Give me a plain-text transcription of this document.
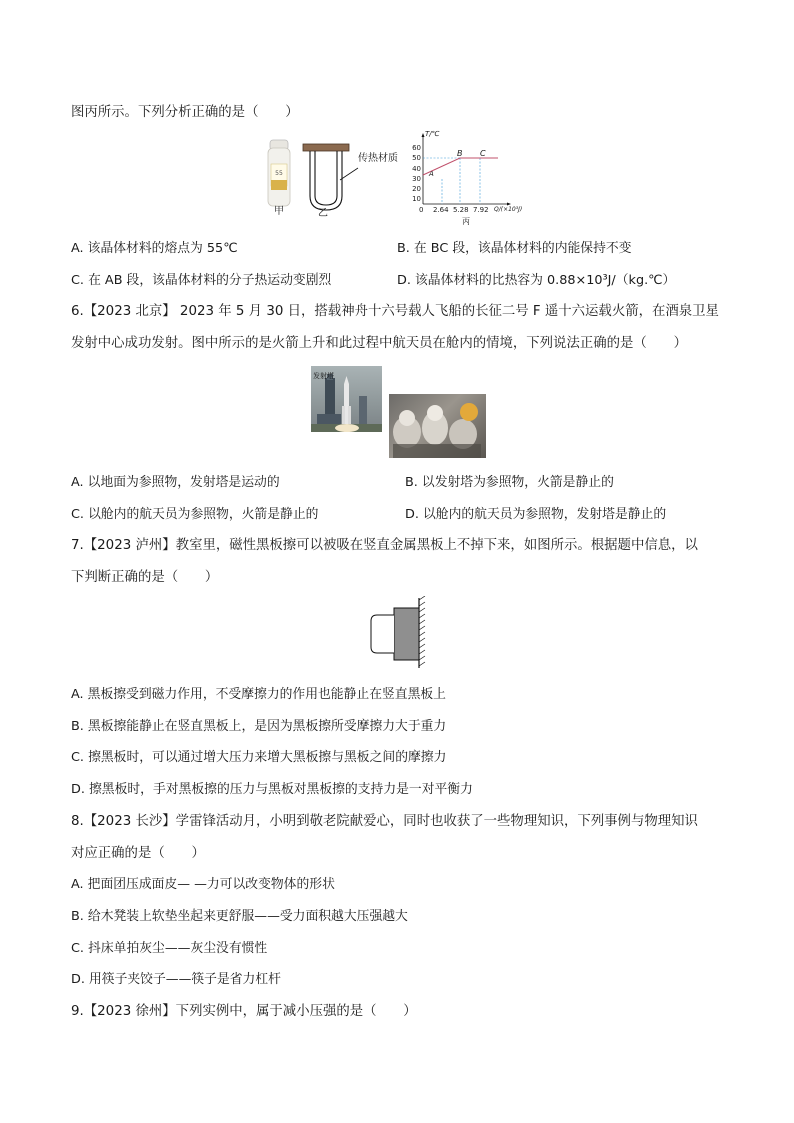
图丙所示。下列分析正确的是（　　）
55
甲
传热材质
乙
T/℃
60
50
40
30
20
10
0 2.64 5.28 7.92 Q/(×10³J)
A
B C
丙
A. 该晶体材料的熔点为 55℃	B. 在 BC 段，该晶体材料的内能保持不变
C. 在 AB 段，该晶体材料的分子热运动变剧烈	D. 该晶体材料的比热容为 0.88×10³J/（kg.℃）
6.【2023 北京】 2023 年 5 月 30 日，搭载神舟十六号载人飞船的长征二号 F 遥十六运载火箭，在酒泉卫星
发射中心成功发射。图中所示的是火箭上升和此过程中航天员在舱内的情境，下列说法正确的是（　　）
发射塔
A. 以地面为参照物，发射塔是运动的	B. 以发射塔为参照物，火箭是静止的
C. 以舱内的航天员为参照物，火箭是静止的	D. 以舱内的航天员为参照物，发射塔是静止的
7.【2023 泸州】教室里，磁性黑板擦可以被吸在竖直金属黑板上不掉下来，如图所示。根据题中信息，以
下判断正确的是（　　）
A. 黑板擦受到磁力作用，不受摩擦力的作用也能静止在竖直黑板上
B. 黑板擦能静止在竖直黑板上，是因为黑板擦所受摩擦力大于重力
C. 擦黑板时，可以通过增大压力来增大黑板擦与黑板之间的摩擦力
D. 擦黑板时，手对黑板擦的压力与黑板对黑板擦的支持力是一对平衡力
8.【2023 长沙】学雷锋活动月，小明到敬老院献爱心，同时也收获了一些物理知识，下列事例与物理知识
对应正确的是（　　）
A. 把面团压成面皮— —力可以改变物体的形状
B. 给木凳装上软垫坐起来更舒服——受力面积越大压强越大
C. 抖床单拍灰尘——灰尘没有惯性
D. 用筷子夹饺子——筷子是省力杠杆
9.【2023 徐州】下列实例中，属于减小压强的是（　　）
